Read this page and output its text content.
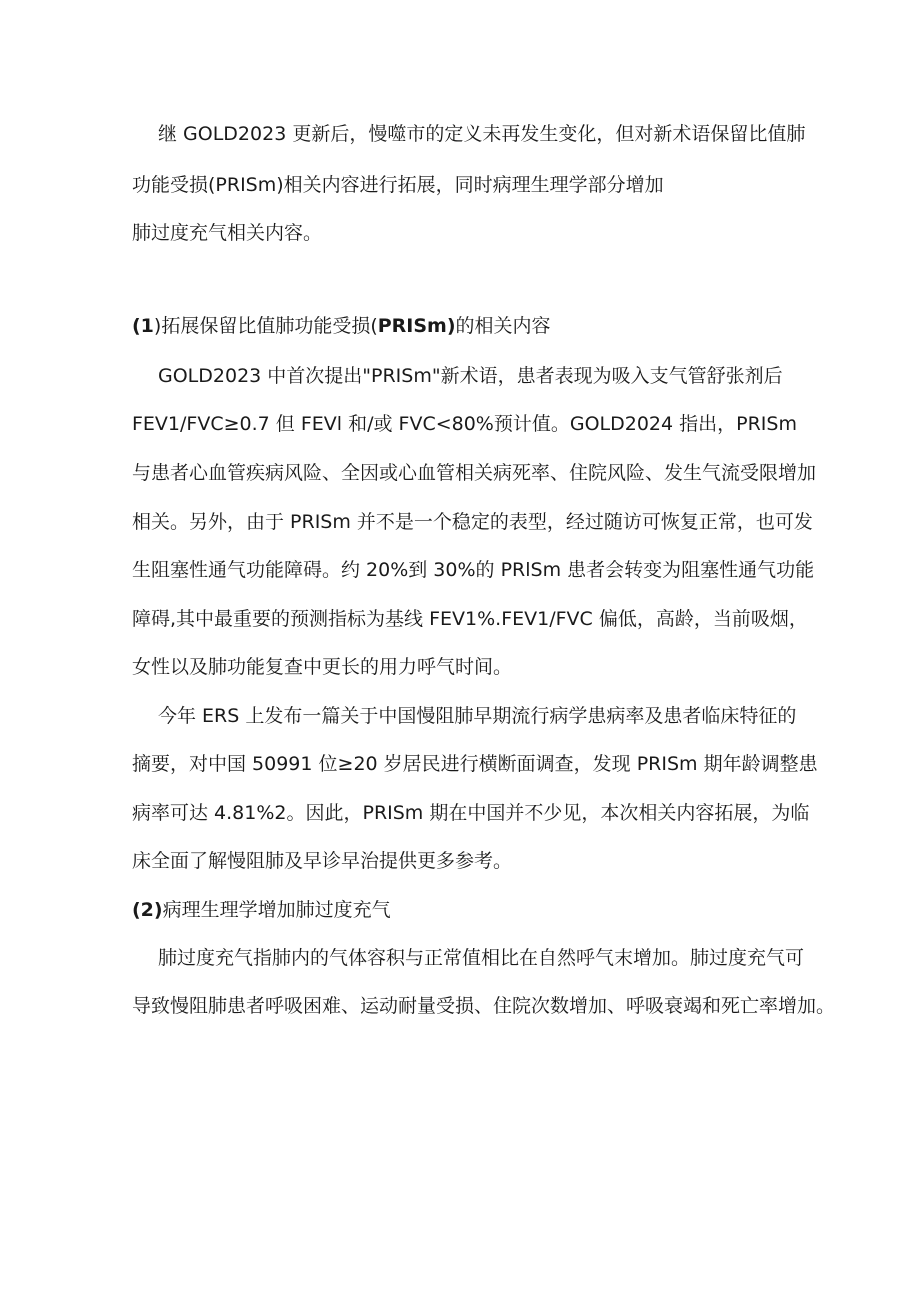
继 GOLD2023 更新后，慢噬市的定义未再发生变化，但对新术语保留比值肺
功能受损(PRISm)相关内容进行拓展，同时病理生理学部分增加
肺过度充气相关内容。
(1)拓展保留比值肺功能受损(PRISm)的相关内容
GOLD2023 中首次提出"PRISm"新术语，患者表现为吸入支气管舒张剂后
FEV1/FVC≥0.7 但 FEVl 和/或 FVC<80%预计值。GOLD2024 指出，PRISm
与患者心血管疾病风险、全因或心血管相关病死率、住院风险、发生气流受限增加
相关。另外，由于 PRISm 并不是一个稳定的表型，经过随访可恢复正常，也可发
生阻塞性通气功能障碍。约 20%到 30%的 PRlSm 患者会转变为阻塞性通气功能
障碍,其中最重要的预测指标为基线 FEV1%.FEV1/FVC 偏低，高龄，当前吸烟，
女性以及肺功能复查中更长的用力呼气时间。
今年 ERS 上发布一篇关于中国慢阻肺早期流行病学患病率及患者临床特征的
摘要，对中国 50991 位≥20 岁居民进行横断面调查，发现 PRISm 期年龄调整患
病率可达 4.81%2。因此，PRISm 期在中国并不少见，本次相关内容拓展，为临
床全面了解慢阻肺及早诊早治提供更多参考。
(2)病理生理学增加肺过度充气
肺过度充气指肺内的气体容积与正常值相比在自然呼气末增加。肺过度充气可
导致慢阻肺患者呼吸困难、运动耐量受损、住院次数增加、呼吸衰竭和死亡率增加。
